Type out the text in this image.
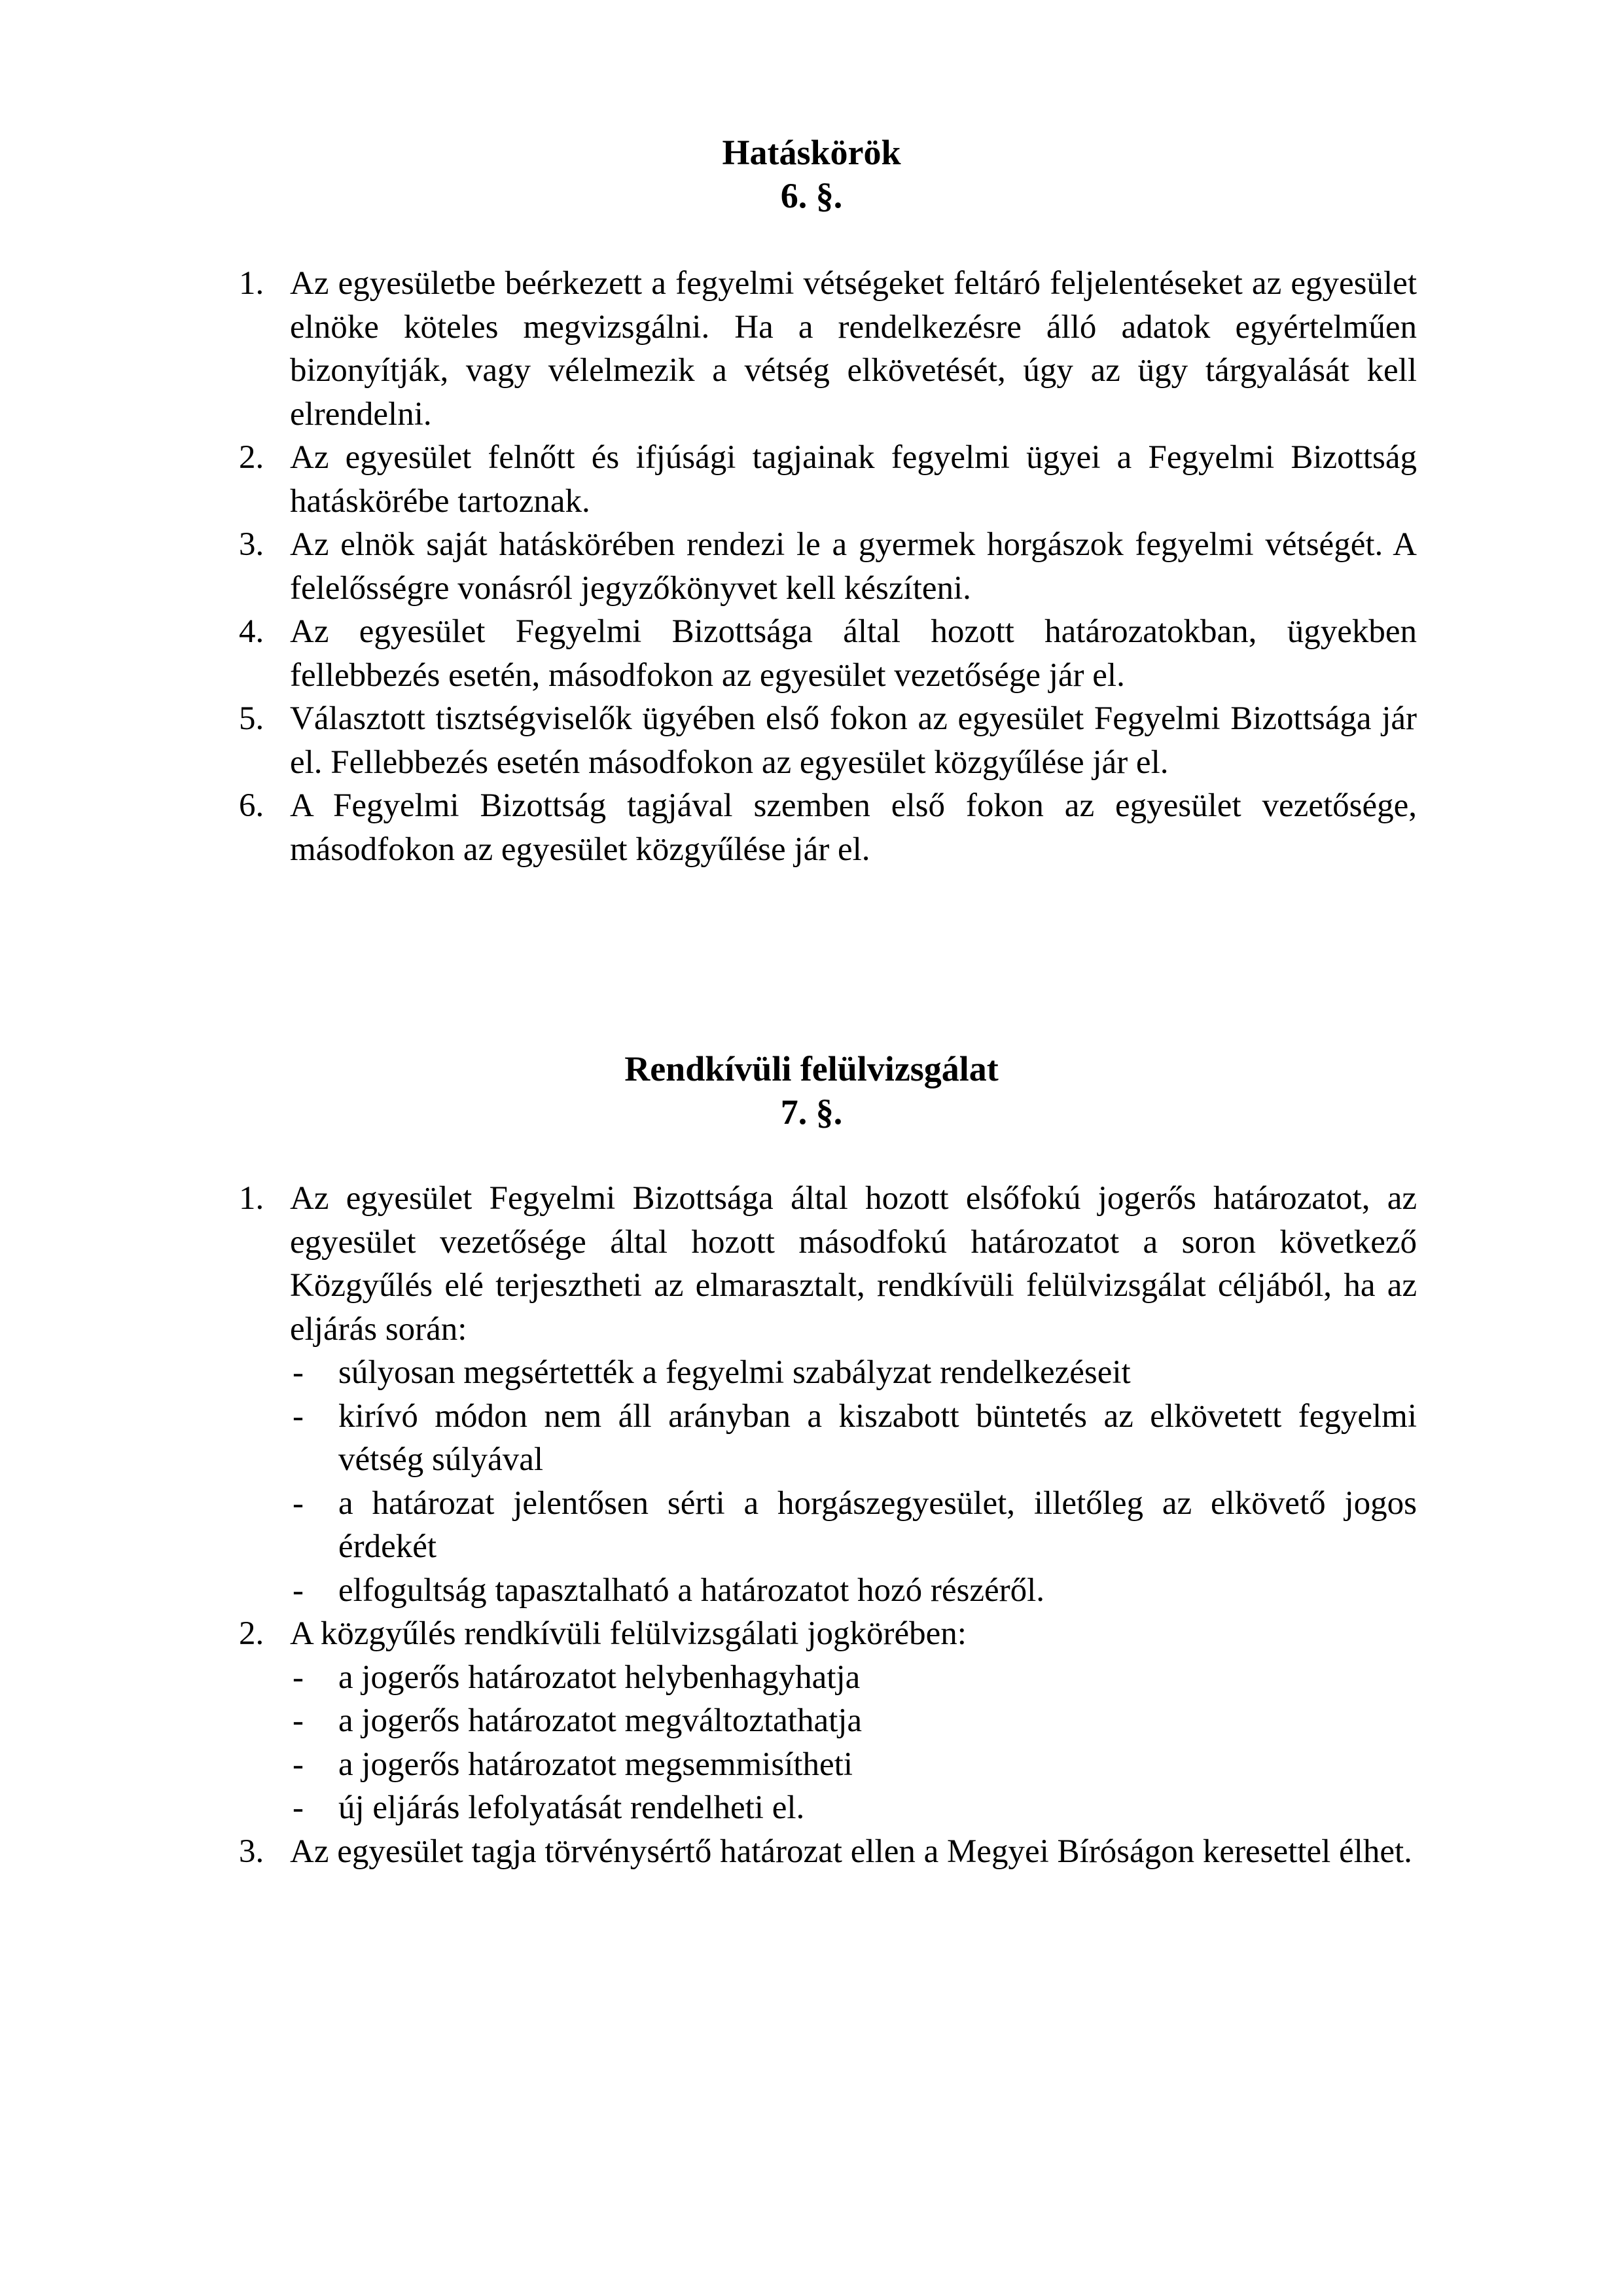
Hatáskörök
6. §.
1. Az egyesületbe beérkezett a fegyelmi vétségeket feltáró feljelentéseket az egyesület elnöke köteles megvizsgálni. Ha a rendelkezésre álló adatok egyértelműen bizonyítják, vagy vélelmezik a vétség elkövetését, úgy az ügy tárgyalását kell elrendelni.
2. Az egyesület felnőtt és ifjúsági tagjainak fegyelmi ügyei a Fegyelmi Bizottság hatáskörébe tartoznak.
3. Az elnök saját hatáskörében rendezi le a gyermek horgászok fegyelmi vétségét. A felelősségre vonásról jegyzőkönyvet kell készíteni.
4. Az egyesület Fegyelmi Bizottsága által hozott határozatokban, ügyekben fellebbezés esetén, másodfokon az egyesület vezetősége jár el.
5. Választott tisztségviselők ügyében első fokon az egyesület Fegyelmi Bizottsága jár el. Fellebbezés esetén másodfokon az egyesület közgyűlése jár el.
6. A Fegyelmi Bizottság tagjával szemben első fokon az egyesület vezetősége, másodfokon az egyesület közgyűlése jár el.
Rendkívüli felülvizsgálat
7. §.
1. Az egyesület Fegyelmi Bizottsága által hozott elsőfokú jogerős határozatot, az egyesület vezetősége által hozott másodfokú határozatot a soron következő Közgyűlés elé terjesztheti az elmarasztalt, rendkívüli felülvizsgálat céljából, ha az eljárás során:
- súlyosan megsértették a fegyelmi szabályzat rendelkezéseit
- kirívó módon nem áll arányban a kiszabott büntetés az elkövetett fegyelmi vétség súlyával
- a határozat jelentősen sérti a horgászegyesület, illetőleg az elkövető jogos érdekét
- elfogultság tapasztalható a határozatot hozó részéről.
2. A közgyűlés rendkívüli felülvizsgálati jogkörében:
- a jogerős határozatot helybenhagyhatja
- a jogerős határozatot megváltoztathatja
- a jogerős határozatot megsemmisítheti
- új eljárás lefolyatását rendelheti el.
3. Az egyesület tagja törvénysértő határozat ellen a Megyei Bíróságon keresettel élhet.
